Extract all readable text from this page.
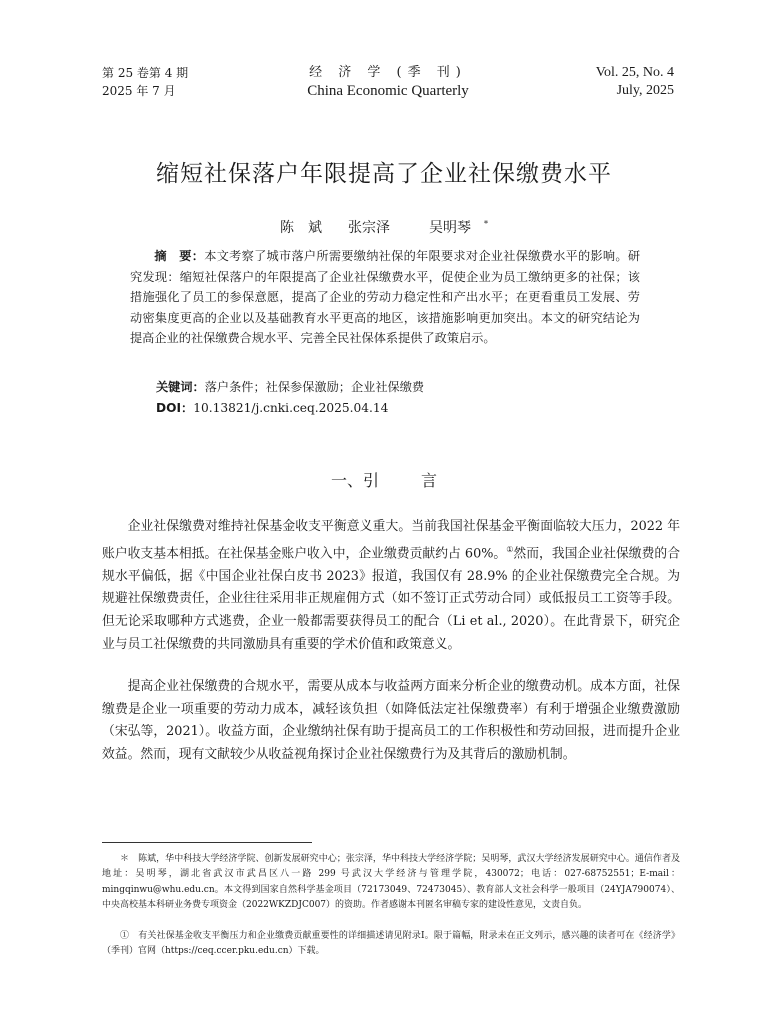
第 25 卷第 4 期
2025 年 7 月
经 济 学 (季 刊)
China Economic Quarterly
Vol. 25, No. 4
July, 2025
缩短社保落户年限提高了企业社保缴费水平
陈　斌 张宗泽	吴明琴 *
摘　要：本文考察了城市落户所需要缴纳社保的年限要求对企业社保缴费水平的影响。研究发现：缩短社保落户的年限提高了企业社保缴费水平，促使企业为员工缴纳更多的社保；该措施强化了员工的参保意愿，提高了企业的劳动力稳定性和产出水平；在更看重员工发展、劳动密集度更高的企业以及基础教育水平更高的地区，该措施影响更加突出。本文的研究结论为提高企业的社保缴费合规水平、完善全民社保体系提供了政策启示。
关键词：落户条件；社保参保激励；企业社保缴费
DOI：10.13821/j.cnki.ceq.2025.04.14
一、引	言

企业社保缴费对维持社保基金收支平衡意义重大。当前我国社保基金平衡面临较大压力，2022 年账户收支基本相抵。在社保基金账户收入中，企业缴费贡献约占 60%。①然而，我国企业社保缴费的合规水平偏低，据《中国企业社保白皮书 2023》报道，我国仅有 28.9% 的企业社保缴费完全合规。为规避社保缴费责任，企业往往采用非正规雇佣方式（如不签订正式劳动合同）或低报员工工资等手段。但无论采取哪种方式逃费，企业一般都需要获得员工的配合（Li et al., 2020）。在此背景下，研究企业与员工社保缴费的共同激励具有重要的学术价值和政策意义。

提高企业社保缴费的合规水平，需要从成本与收益两方面来分析企业的缴费动机。成本方面，社保缴费是企业一项重要的劳动力成本，减轻该负担（如降低法定社保缴费率）有利于增强企业缴费激励（宋弘等，2021）。收益方面，企业缴纳社保有助于提高员工的工作积极性和劳动回报，进而提升企业效益。然而，现有文献较少从收益视角探讨企业社保缴费行为及其背后的激励机制。

＊　陈斌，华中科技大学经济学院、创新发展研究中心；张宗泽，华中科技大学经济学院；吴明琴，武汉大学经济发展研究中心。通信作者及地址：吴明琴，湖北省武汉市武昌区八一路 299 号武汉大学经济与管理学院，430072；电话：027-68752551；E-mail：mingqinwu@whu.edu.cn。本文得到国家自然科学基金项目（72173049、72473045）、教育部人文社会科学一般项目（24YJA790074）、中央高校基本科研业务费专项资金（2022WKZDJC007）的资助。作者感谢本刊匿名审稿专家的建设性意见，文责自负。

①　有关社保基金收支平衡压力和企业缴费贡献重要性的详细描述请见附录Ⅰ。限于篇幅，附录未在正文列示，感兴趣的读者可在《经济学》（季刊）官网（https://ceq.ccer.pku.edu.cn）下载。
